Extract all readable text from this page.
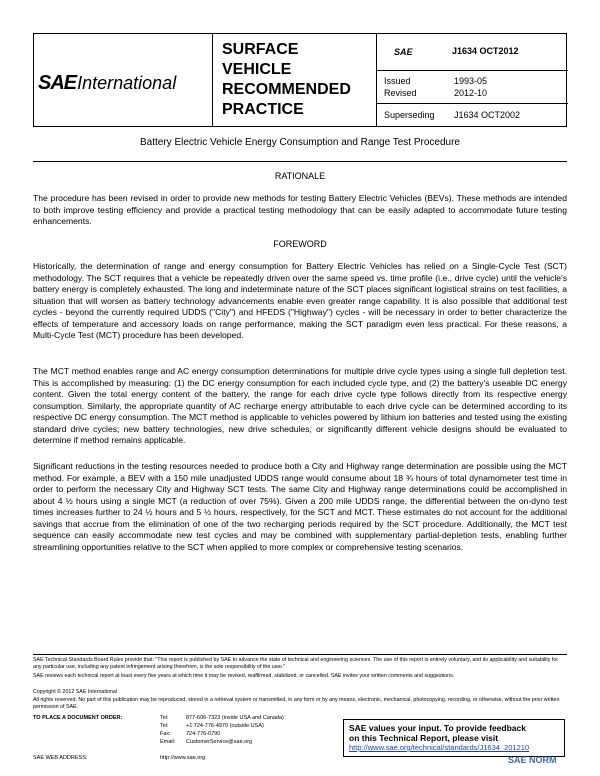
SAEInternational
SURFACE
VEHICLE
RECOMMENDED
PRACTICE
SAE	J1634 OCT2012
Issued	1993-05
Revised	2012-10
Superseding J1634 OCT2002
Battery Electric Vehicle Energy Consumption and Range Test Procedure
RATIONALE
The procedure has been revised in order to provide new methods for testing Battery Electric Vehicles (BEVs). These methods are intended to both improve testing efficiency and provide a practical testing methodology that can be easily adapted to accommodate future testing enhancements.
FOREWORD
Historically, the determination of range and energy consumption for Battery Electric Vehicles has relied on a Single-Cycle Test (SCT) methodology. The SCT requires that a vehicle be repeatedly driven over the same speed vs. time profile (i.e., drive cycle) until the vehicle's battery energy is completely exhausted. The long and indeterminate nature of the SCT places significant logistical strains on test facilities, a situation that will worsen as battery technology advancements enable even greater range capability. It is also possible that additional test cycles - beyond the currently required UDDS ("City") and HFEDS ("Highway") cycles - will be necessary in order to better characterize the effects of temperature and accessory loads on range performance, making the SCT paradigm even less practical. For these reasons, a Multi-Cycle Test (MCT) procedure has been developed.
The MCT method enables range and AC energy consumption determinations for multiple drive cycle types using a single full depletion test. This is accomplished by measuring: (1) the DC energy consumption for each included cycle type, and (2) the battery's useable DC energy content. Given the total energy content of the battery, the range for each drive cycle type follows directly from its respective energy consumption. Similarly, the appropriate quantity of AC recharge energy attributable to each drive cycle can be determined according to its respective DC energy consumption. The MCT method is applicable to vehicles powered by lithium ion batteries and tested using the existing standard drive cycles; new battery technologies, new drive schedules, or significantly different vehicle designs should be evaluated to determine if method remains applicable.
Significant reductions in the testing resources needed to produce both a City and Highway range determination are possible using the MCT method. For example, a BEV with a 150 mile unadjusted UDDS range would consume about 18 ¾ hours of total dynamometer test time in order to perform the necessary City and Highway SCT tests. The same City and Highway range determinations could be accomplished in about 4 ½ hours using a single MCT (a reduction of over 75%). Given a 200 mile UDDS range, the differential between the on-dyno test times increases further to 24 ½ hours and 5 ½ hours, respectively, for the SCT and MCT. These estimates do not account for the additional savings that accrue from the elimination of one of the two recharging periods required by the SCT procedure. Additionally, the MCT test sequence can easily accommodate new test cycles and may be combined with supplementary partial-depletion tests, enabling further streamlining opportunities relative to the SCT when applied to more complex or comprehensive testing scenarios.
SAE Technical Standards Board Rules provide that: "This report is published by SAE to advance the state of technical and engineering sciences. The use of this report is entirely voluntary, and its applicability and suitability for any particular use, including any patent infringement arising therefrom, is the sole responsibility of the user."
SAE reviews each technical report at least every five years at which time it may be revised, reaffirmed, stabilized, or cancelled. SAE invites your written comments and suggestions.
Copyright © 2012 SAE International
All rights reserved. No part of this publication may be reproduced, stored in a retrieval system or transmitted, in any form or by any means, electronic, mechanical, photocopying, recording, or otherwise, without the prior written permission of SAE.
TO PLACE A DOCUMENT ORDER:	Tel:	877-606-7323 (inside USA and Canada)
Tel:	+1 724-776-4970 (outside USA)
Fax:	724-776-0790
Email: CustomerService@sae.org
SAE WEB ADDRESS:	http://www.sae.org
SAE values your input. To provide feedback
on this Technical Report, please visit
http://www.sae.org/technical/standards/J1634_201210
SAE NORM
